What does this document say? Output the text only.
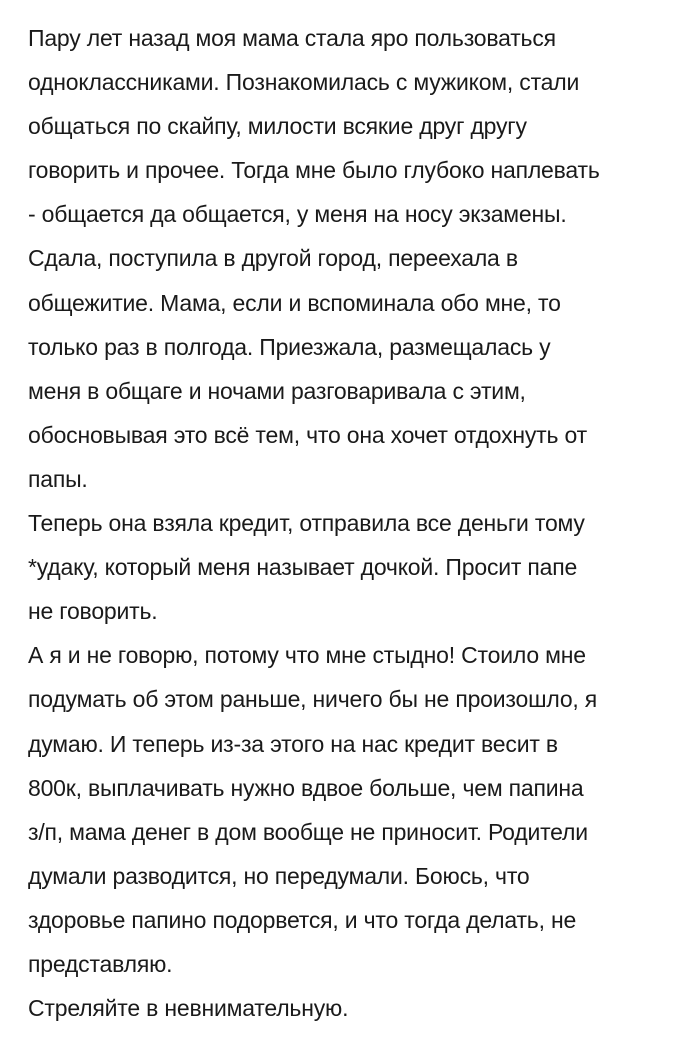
Пару лет назад моя мама стала яро пользоваться
одноклассниками. Познакомилась с мужиком, стали
общаться по скайпу, милости всякие друг другу
говорить и прочее. Тогда мне было глубоко наплевать
- общается да общается, у меня на носу экзамены.
Сдала, поступила в другой город, переехала в
общежитие. Мама, если и вспоминала обо мне, то
только раз в полгода. Приезжала, размещалась у
меня в общаге и ночами разговаривала с этим,
обосновывая это всё тем, что она хочет отдохнуть от
папы.
Теперь она взяла кредит, отправила все деньги тому
*удаку, который меня называет дочкой. Просит папе
не говорить.
А я и не говорю, потому что мне стыдно! Стоило мне
подумать об этом раньше, ничего бы не произошло, я
думаю. И теперь из-за этого на нас кредит весит в
800к, выплачивать нужно вдвое больше, чем папина
з/п, мама денег в дом вообще не приносит. Родители
думали разводится, но передумали. Боюсь, что
здоровье папино подорвется, и что тогда делать, не
представляю.
Стреляйте в невнимательную.
